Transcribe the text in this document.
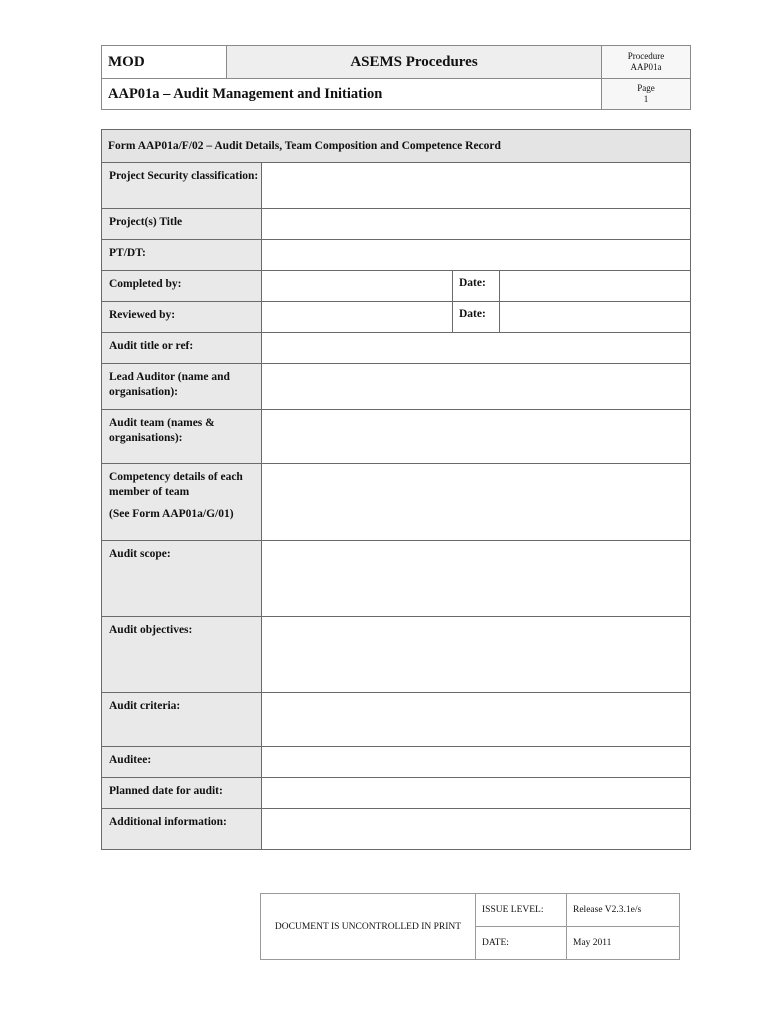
MOD	ASEMS Procedures	Procedure
AAP01a

AAP01a – Audit Management and Initiation		Page
1
Form AAP01a/F/02 – Audit Details, Team Composition and Competence Record			
Project Security classification:			
Project(s) Title			
PT/DT:			
Completed by:		Date:	
Reviewed by:		Date:	
Audit title or ref:			
Lead Auditor (name and organisation):			
Audit team (names & organisations):			

Competency details of each member of team
(See Form AAP01a/G/01)			

Audit scope:			
Audit objectives:			
Audit criteria:			
Auditee:			
Planned date for audit:			
Additional information:			
DOCUMENT IS UNCONTROLLED IN PRINT	ISSUE LEVEL:	Release V2.3.1e/s
	DATE:	May 2011
